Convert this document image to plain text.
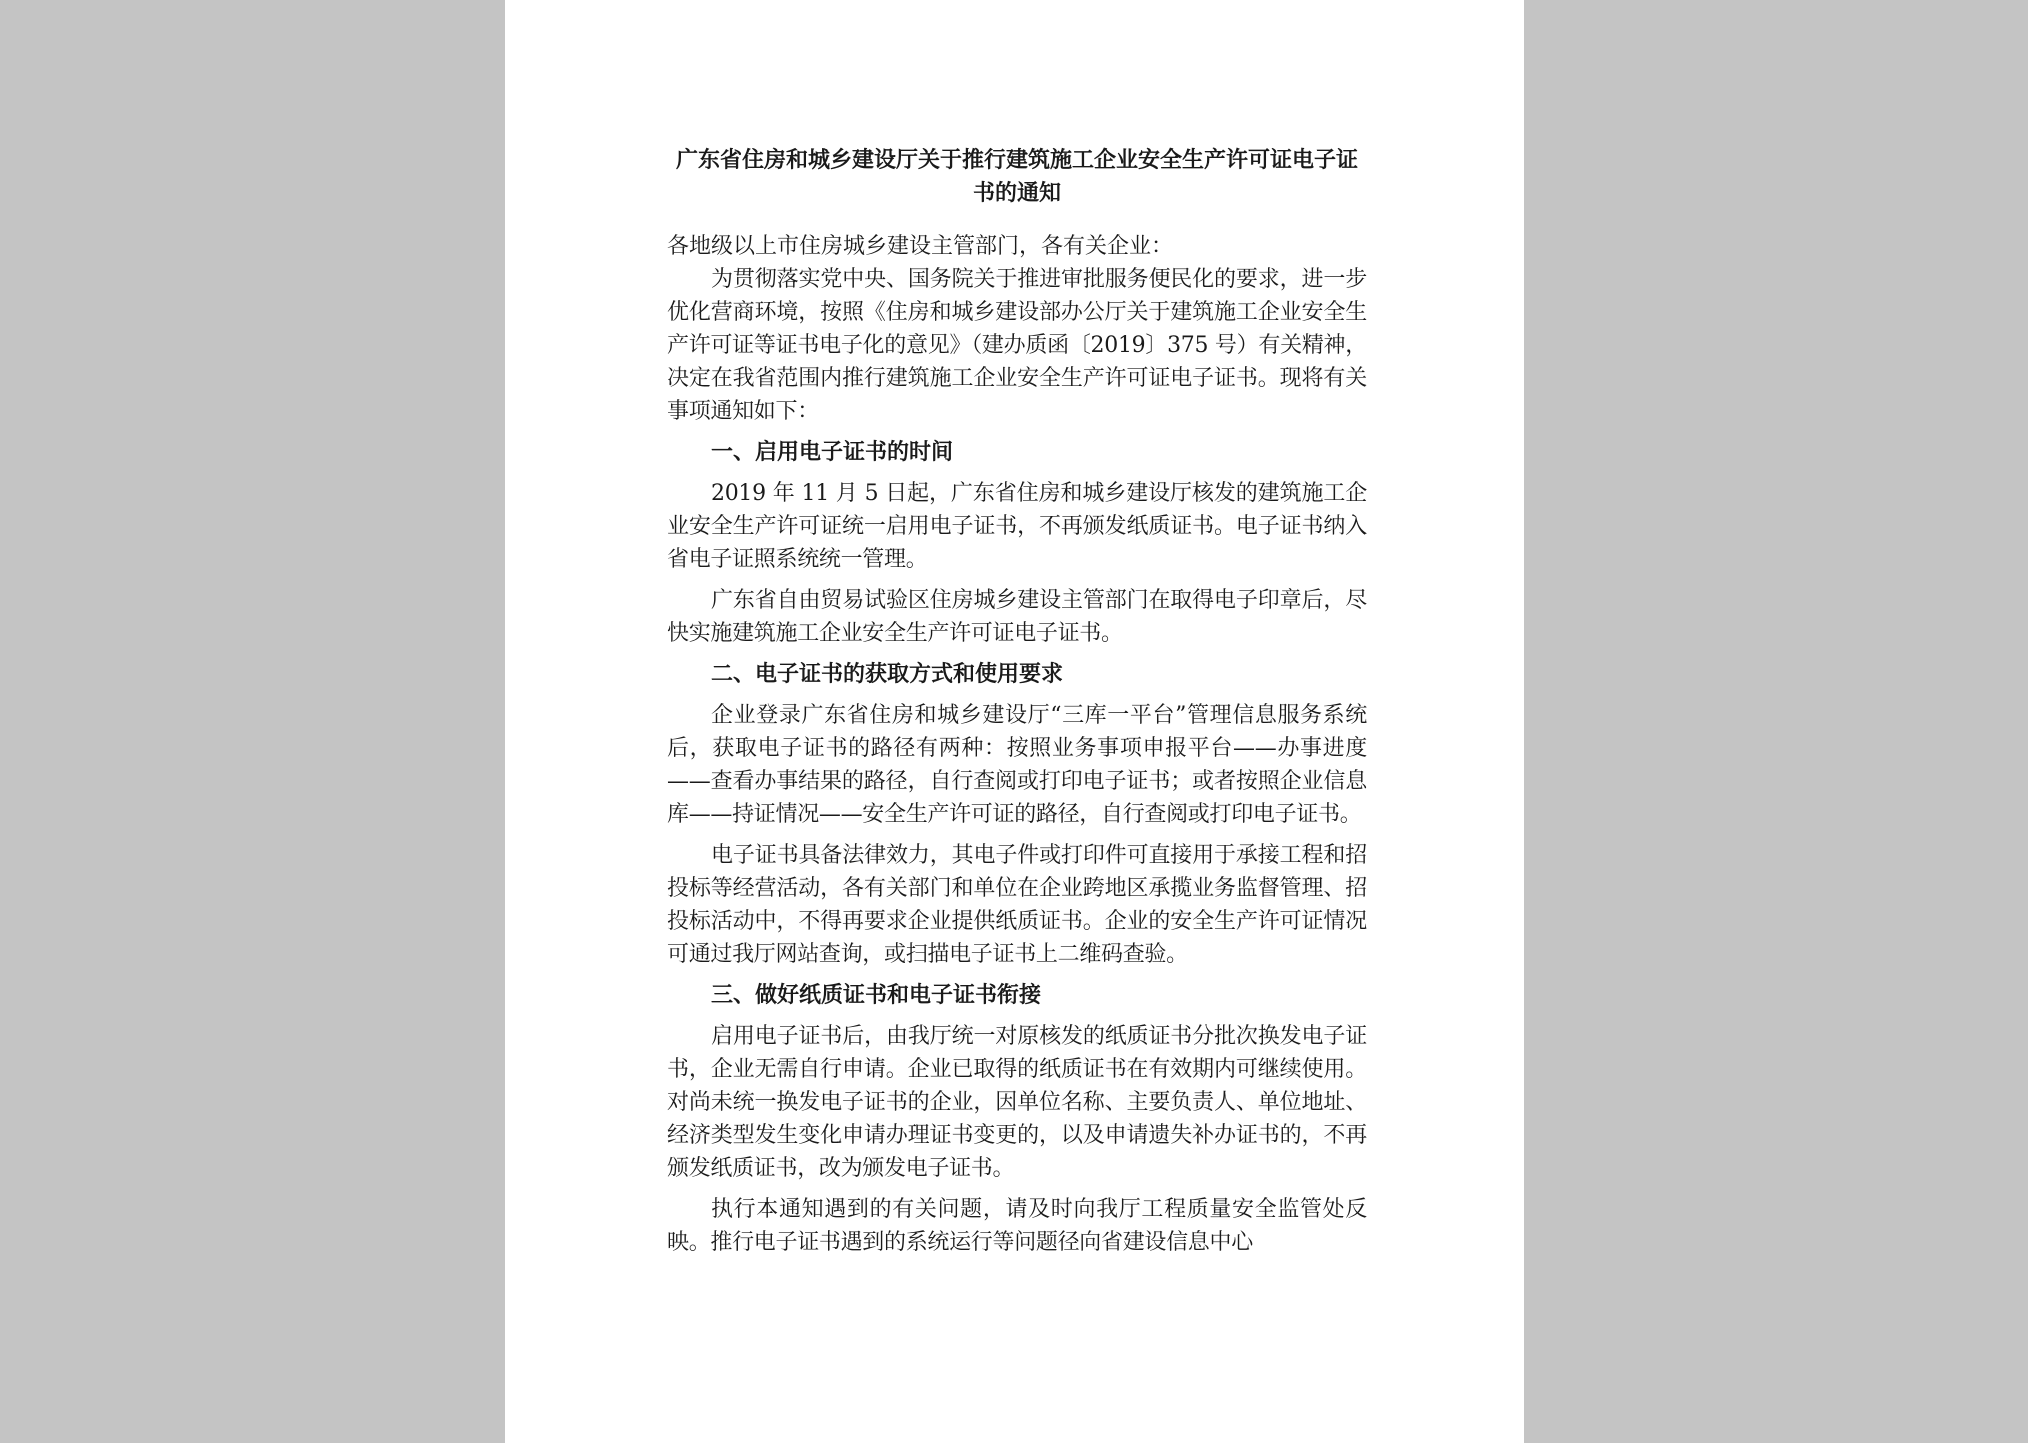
广东省住房和城乡建设厅关于推行建筑施工企业安全生产许可证电子证书的通知

各地级以上市住房城乡建设主管部门，各有关企业：

为贯彻落实党中央、国务院关于推进审批服务便民化的要求，进一步优化营商环境，按照《住房和城乡建设部办公厅关于建筑施工企业安全生产许可证等证书电子化的意见》（建办质函〔2019〕375 号）有关精神，决定在我省范围内推行建筑施工企业安全生产许可证电子证书。现将有关事项通知如下：

一、启用电子证书的时间

2019 年 11 月 5 日起，广东省住房和城乡建设厅核发的建筑施工企业安全生产许可证统一启用电子证书，不再颁发纸质证书。电子证书纳入省电子证照系统统一管理。

广东省自由贸易试验区住房城乡建设主管部门在取得电子印章后，尽快实施建筑施工企业安全生产许可证电子证书。

二、电子证书的获取方式和使用要求

企业登录广东省住房和城乡建设厅“三库一平台”管理信息服务系统后，获取电子证书的路径有两种：按照业务事项申报平台——办事进度——查看办事结果的路径，自行查阅或打印电子证书；或者按照企业信息库——持证情况——安全生产许可证的路径，自行查阅或打印电子证书。

电子证书具备法律效力，其电子件或打印件可直接用于承接工程和招投标等经营活动，各有关部门和单位在企业跨地区承揽业务监督管理、招投标活动中，不得再要求企业提供纸质证书。企业的安全生产许可证情况可通过我厅网站查询，或扫描电子证书上二维码查验。

三、做好纸质证书和电子证书衔接

启用电子证书后，由我厅统一对原核发的纸质证书分批次换发电子证书，企业无需自行申请。企业已取得的纸质证书在有效期内可继续使用。对尚未统一换发电子证书的企业，因单位名称、主要负责人、单位地址、经济类型发生变化申请办理证书变更的，以及申请遗失补办证书的，不再颁发纸质证书，改为颁发电子证书。

执行本通知遇到的有关问题，请及时向我厅工程质量安全监管处反映。推行电子证书遇到的系统运行等问题径向省建设信息中心
